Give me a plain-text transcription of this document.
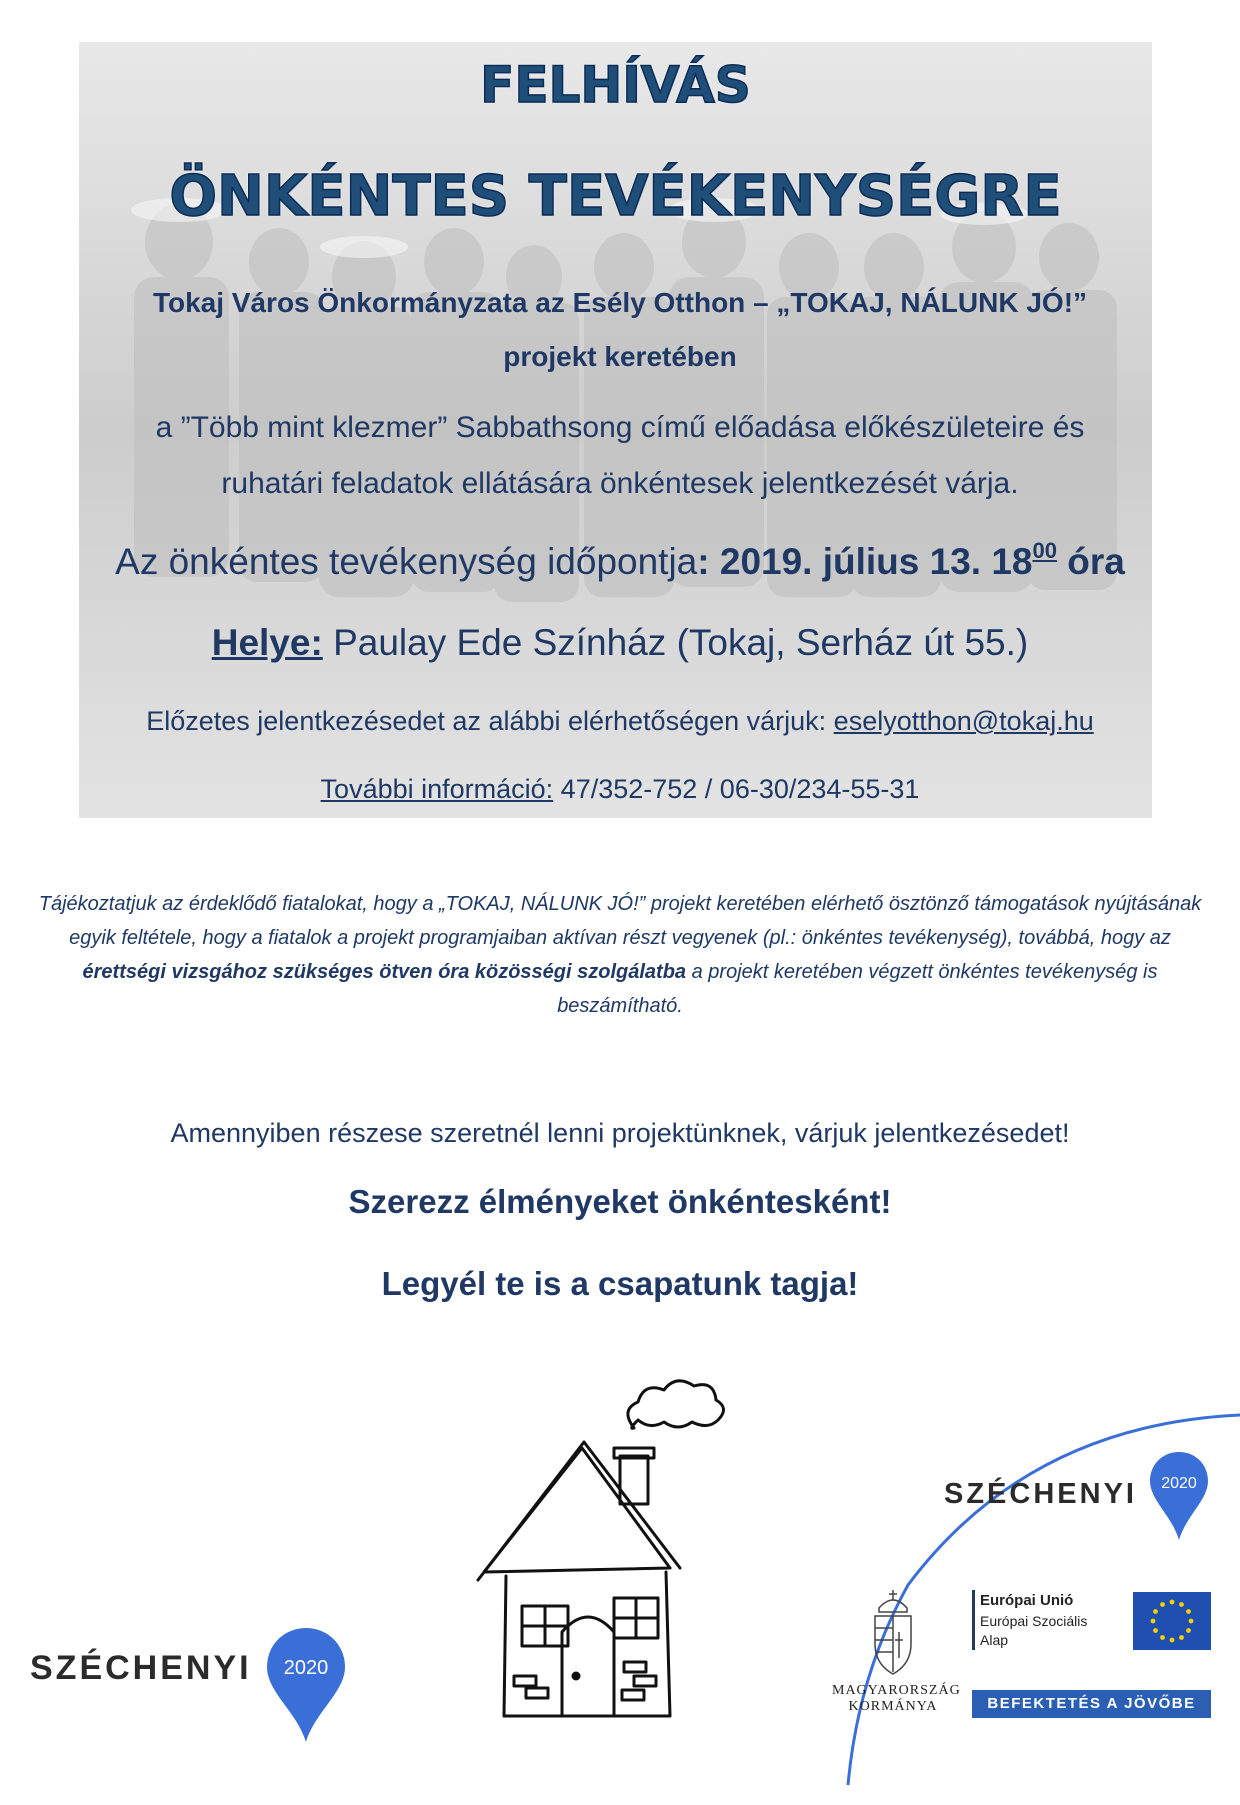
FELHÍVÁS
ÖNKÉNTES TEVÉKENYSÉGRE
Tokaj Város Önkormányzata az Esély Otthon – „TOKAJ, NÁLUNK JÓ!”
projekt keretében
a ”Több mint klezmer” Sabbathsong című előadása előkészületeire és
ruhatári feladatok ellátására önkéntesek jelentkezését várja.
Az önkéntes tevékenység időpontja: 2019. július 13. $18^{00}$ óra
Helye: Paulay Ede Színház (Tokaj, Serház út 55.)
Előzetes jelentkezésedet az alábbi elérhetőségen várjuk: eselyotthon@tokaj.hu
További információ: 47/352-752 / 06-30/234-55-31
Tájékoztatjuk az érdeklődő fiatalokat, hogy a „TOKAJ, NÁLUNK JÓ!” projekt keretében elérhető ösztönző támogatások nyújtásának egyik feltétele, hogy a fiatalok a projekt programjaiban aktívan részt vegyenek (pl.: önkéntes tevékenység), továbbá, hogy az érettségi vizsgához szükséges ötven óra közösségi szolgálatba a projekt keretében végzett önkéntes tevékenység is beszámítható.
Amennyiben részese szeretnél lenni projektünknek, várjuk jelentkezésedet!
Szerezz élményeket önkéntesként!
Legyél te is a csapatunk tagja!
SZÉCHENYI 2020
SZÉCHENYI 2020
MAGYARORSZÁG
KORMÁNYA
Európai Unió
Európai Szociális
Alap
BEFEKTETÉS A JÖVŐBE
